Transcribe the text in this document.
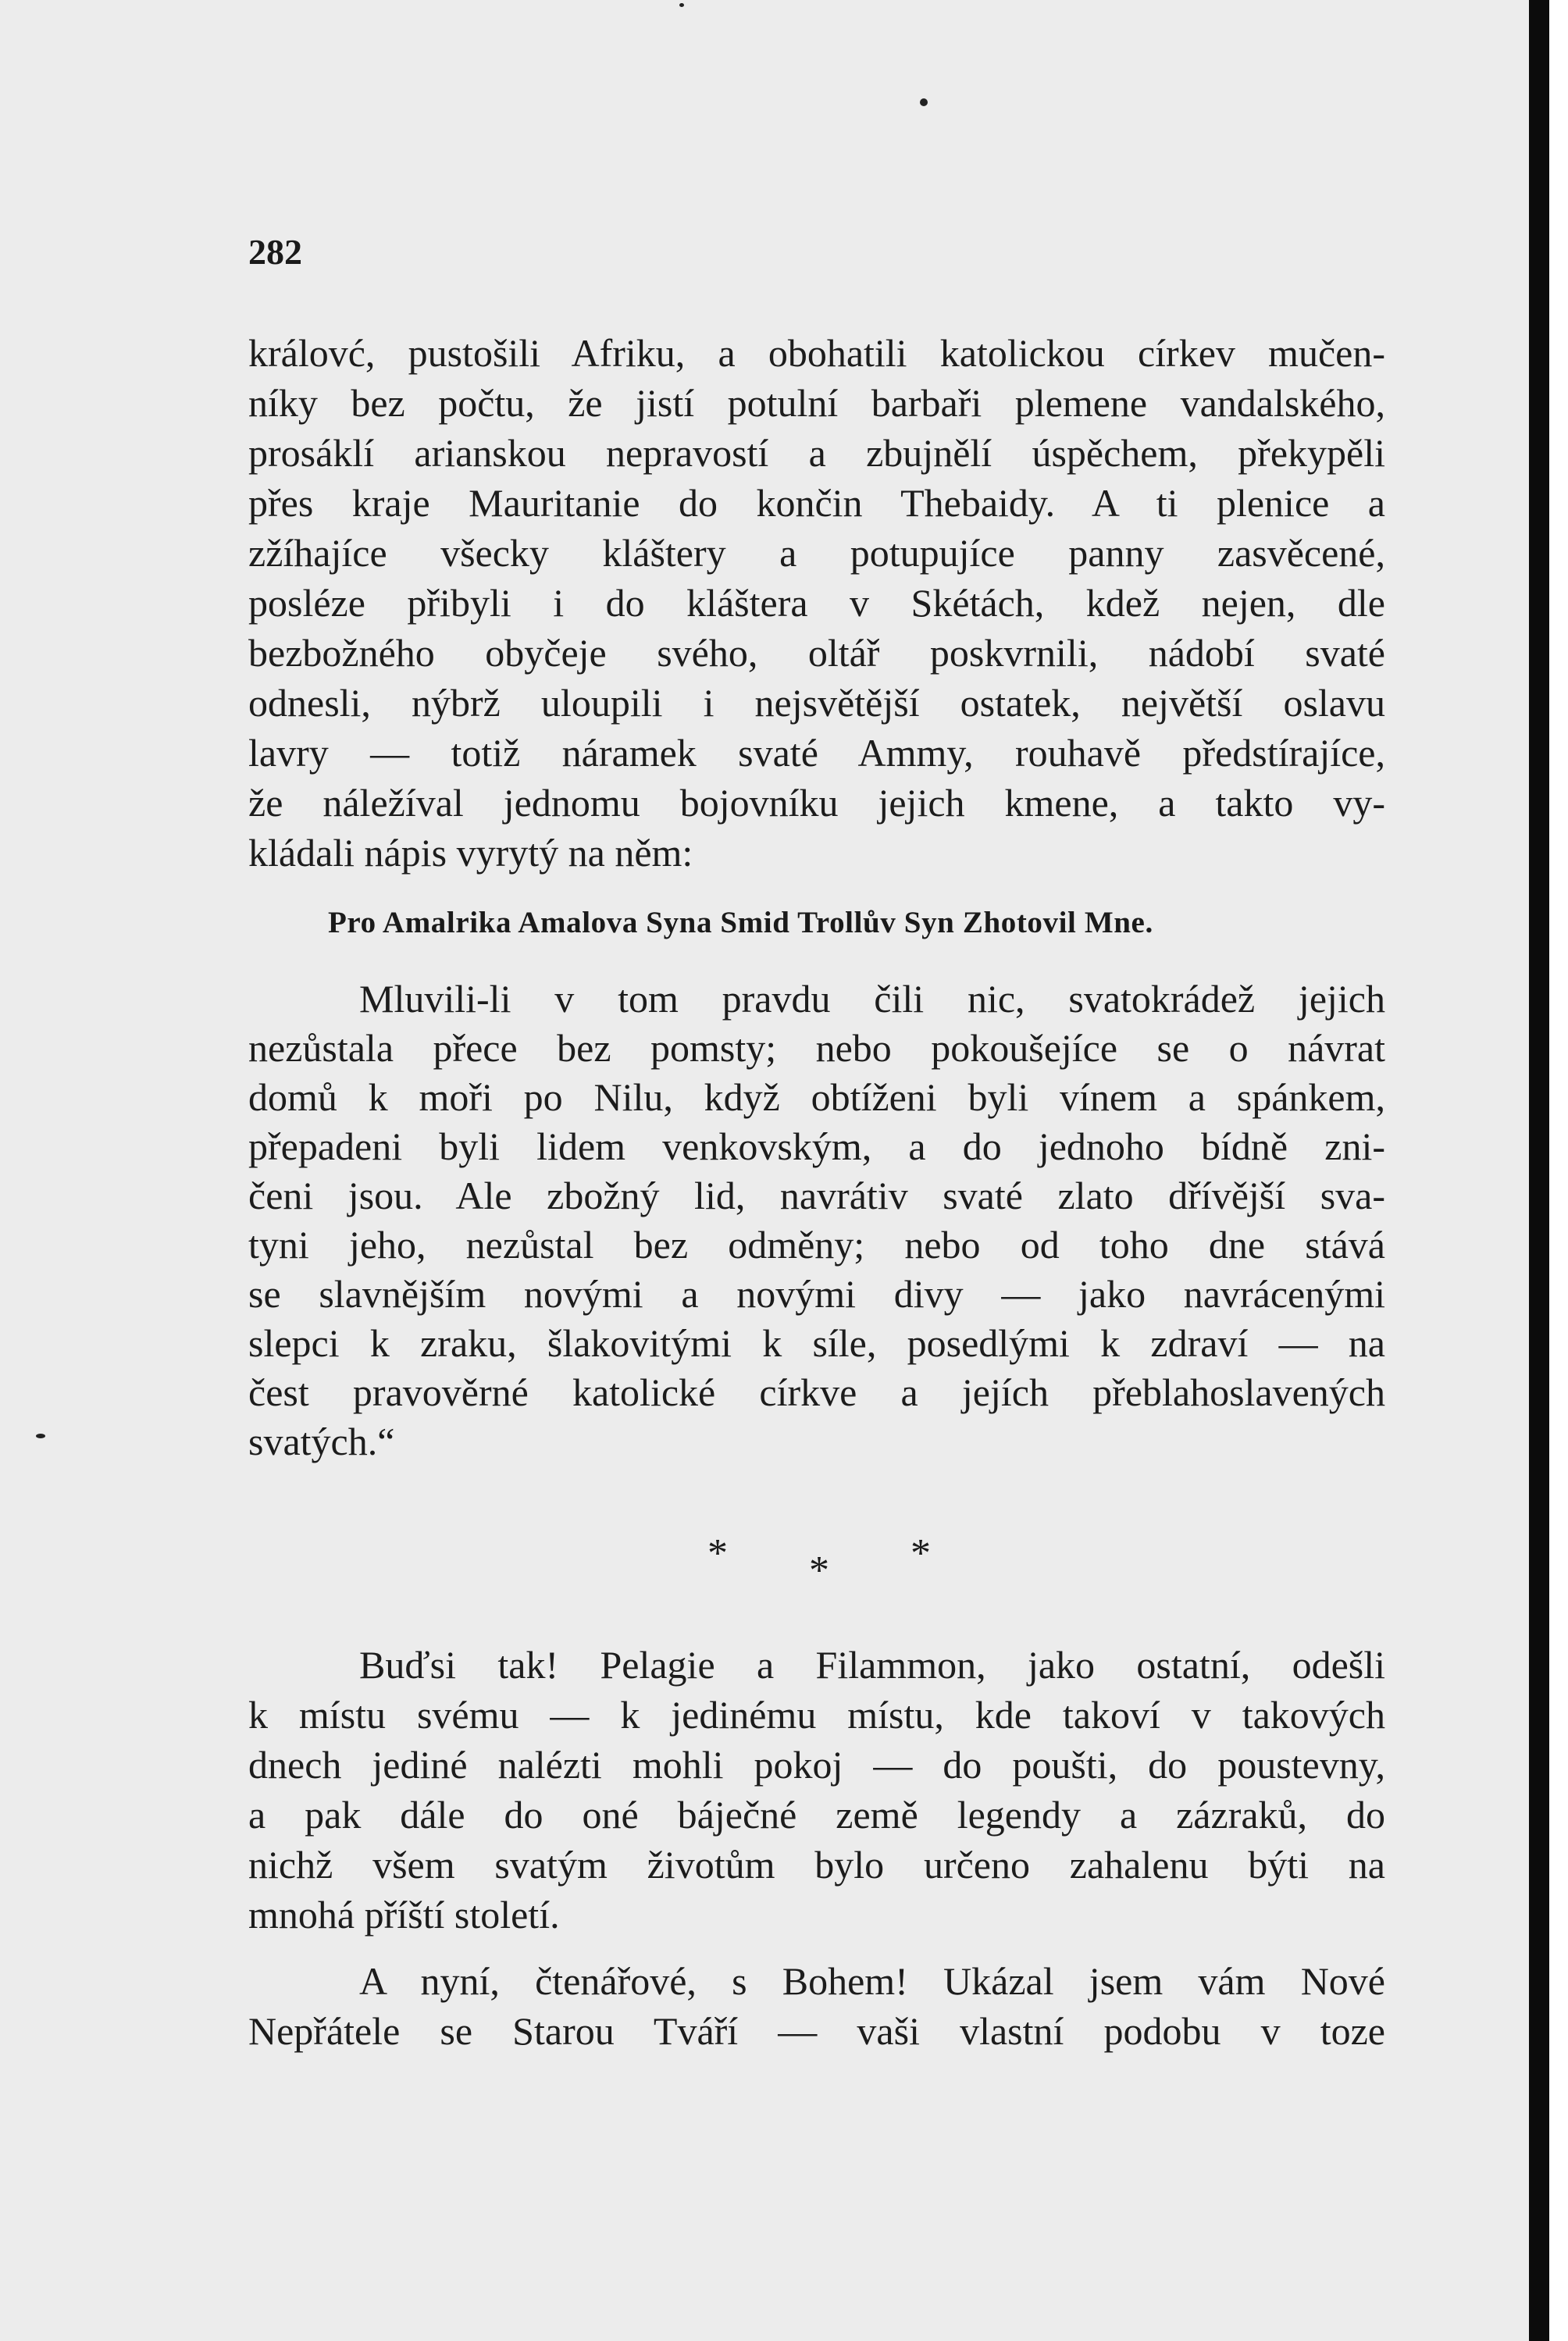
282
královć, pustošili Afriku, a obohatili katolickou církev mučen-
níky bez počtu, že jistí potulní barbaři plemene vandalského,
prosáklí arianskou nepravostí a zbujnělí úspěchem, překypěli
přes kraje Mauritanie do končin Thebaidy. A ti plenice a
zžíhajíce všecky kláštery a potupujíce panny zasvěcené,
posléze přibyli i do kláštera v Skétách, kdež nejen, dle
bezbožného obyčeje svého, oltář poskvrnili, nádobí svaté
odnesli, nýbrž uloupili i nejsvětější ostatek, největší oslavu
lavry — totiž náramek svaté Ammy, rouhavě předstírajíce,
že náležíval jednomu bojovníku jejich kmene, a takto vy-
kládali nápis vyrytý na něm:
Pro Amalrika Amalova Syna Smid Trollův Syn Zhotovil Mne.
Mluvili-li v tom pravdu čili nic, svatokrádež jejich
nezůstala přece bez pomsty; nebo pokoušejíce se o návrat
domů k moři po Nilu, když obtíženi byli vínem a spánkem,
přepadeni byli lidem venkovským, a do jednoho bídně zni-
čeni jsou. Ale zbožný lid, navrátiv svaté zlato dřívější sva-
tyni jeho, nezůstal bez odměny; nebo od toho dne stává
se slavnějším novými a novými divy — jako navrácenými
slepci k zraku, šlakovitými k síle, posedlými k zdraví — na
čest pravověrné katolické církve a jejích přeblahoslavených
svatých.“
* * *
Buďsi tak! Pelagie a Filammon, jako ostatní, odešli
k místu svému — k jedinému místu, kde takoví v takových
dnech jediné nalézti mohli pokoj — do poušti, do poustevny,
a pak dále do oné báječné země legendy a zázraků, do
nichž všem svatým životům bylo určeno zahalenu býti na
mnohá příští století.
A nyní, čtenářové, s Bohem! Ukázal jsem vám Nové
Nepřátele se Starou Tváří — vaši vlastní podobu v toze
